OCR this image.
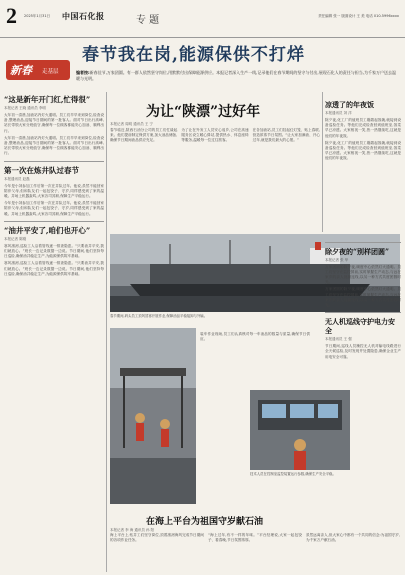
2 2025年1月31日 中国石化报	专 题	责任编辑 张一 版面设计 王 美 电话 010-5996xxxx
春节我在岗,能源保供不打烊
新春 走基层	编者按:新春佳节,万家团圆。有一群人依然坚守岗位,用默默付出保障能源供应。本报记者深入生产一线,记录他们在春节期间的坚守与付出,展现石化人的责任与担当,为千家万户送去温暖与光明。
“这是新年开门红,忙得很”
本报记者 王晓 通讯员 李明
大年初一清晨,加油站内灯火通明。员工们早早来到岗位,检查设备,整理油品,迎接节日期间的第一批客人。面对节日出行高峰,站长带领大家分班值守,确保每一位顾客都能安心加油、顺利出行。
大年初一清晨,加油站内灯火通明。员工们早早来到岗位,检查设备,整理油品,迎接节日期间的第一批客人。面对节日出行高峰,站长带领大家分班值守,确保每一位顾客都能安心加油、顺利出行。
第一次在炼井队过春节
本报通讯员 赵磊
今年是小刘参加工作后第一次在井队过年。他说,虽然不能回家陪伴父母,但和队友们一起包饺子、守岁,同样感受到了家的温暖。井场上机器轰鸣,大家各司其职,保障生产平稳运行。
今年是小刘参加工作后第一次在井队过年。他说,虽然不能回家陪伴父母,但和队友们一起包饺子、守岁,同样感受到了家的温暖。井场上机器轰鸣,大家各司其职,保障生产平稳运行。
“油井平安了,咱们也开心”
本报记者 陈刚
寒风凛冽,巡检工人沿着管线逐一排查隐患。“只要油井平安,我们就放心。”班长一边记录数据一边说。节日期间,他们坚持每日巡检,确保油井稳定生产,为能源保供筑牢基础。
寒风凛冽,巡检工人沿着管线逐一排查隐患。“只要油井平安,我们就放心。”班长一边记录数据一边说。节日期间,他们坚持每日巡检,确保油井稳定生产,为能源保供筑牢基础。
为让“陕漂”过好年
本报记者 周明 通讯员 王 宁
春节临近,陕西石油分公司的员工们忙碌起来。他们提前制定保供方案,加大油品储备,确保节日期间油品供应充足。
为了让在外务工人员安心返乡,公司在高速服务区设立暖心驿站,提供热水、休息座椅等服务,温暖每一位过往旅客。
在各加油站,员工们挂起红灯笼、贴上春联,营造浓浓节日氛围。“让大家加满油、开心过年,就是我们最大的心愿。”
春节期间,码头员工顶风冒寒开展作业,保障油品平稳接卸与外输。
装车作业现场,员工们认真核对每一车油品的数量与质量,确保节日供应。
技术人员在控制室监控装置运行参数,确保生产安全平稳。
在海上平台为祖国守岁献石油
本报记者 李 海 通讯员 孙 阳
海上平台上,钻井工们坚守岗位,顶着凛冽海风完成节日期间的各项作业任务。
“海上过年,有不一样的年味。”平台经理说,大家一起包饺子、看春晚,节日氛围浓厚。
虽然远离亲人,但大家心中都有一个共同的信念:为祖国守岁,为千家万户献石油。
凉透了的年夜饭
本报通讯员 刘 洋
除夕夜,化工厂的值班员工刚端起饭碗,就接到设备巡检任务。等他们完成检查回到值班室,饭菜早已凉透。大家相视一笑,热一热继续吃,这就是他们的年夜饭。
除夕夜,化工厂的值班员工刚端起饭碗,就接到设备巡检任务。等他们完成检查回到值班室,饭菜早已凉透。大家相视一笑,热一热继续吃,这就是他们的年夜饭。
除夕夜的“别样团圆”
本报记者 张 华
万家团圆的除夕夜,调度中心依然灯火通明。员工们坚守在监控屏前,实时掌握生产动态,与远在家乡的亲人视频连线,以另一种方式共度团圆时光。
万家团圆的除夕夜,调度中心依然灯火通明。员工们坚守在监控屏前,实时掌握生产动态,与远在家乡的亲人视频连线,以另一种方式共度团圆时光。
无人机巡线守护电力安全
本报通讯员 王 强
节日期间,巡线人员操控无人机对输电线路进行全天候巡检,及时发现并处置隐患,确保企业生产用电安全可靠。
